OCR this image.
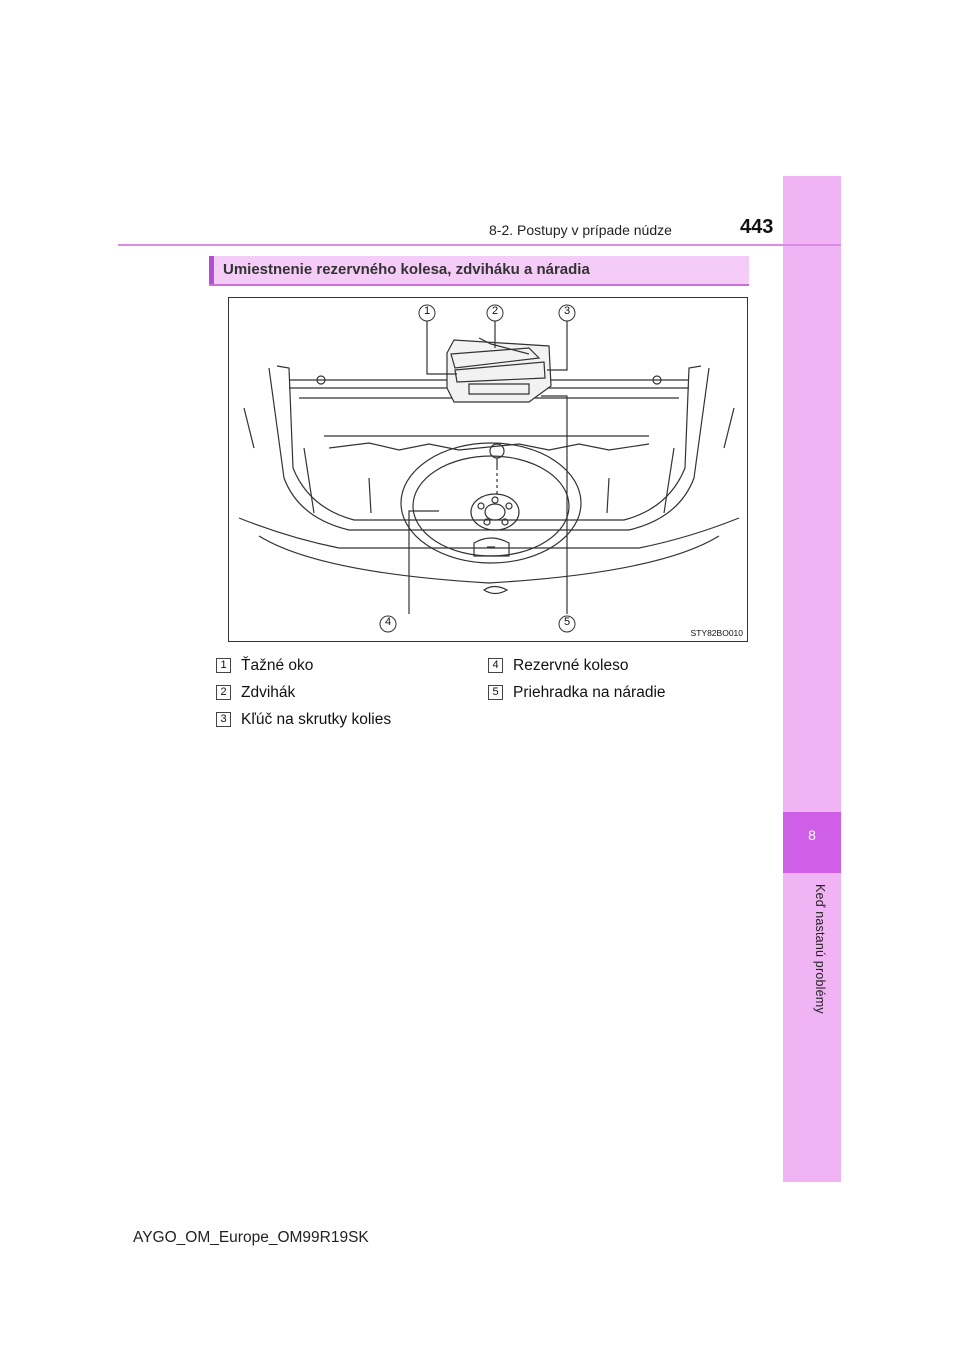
8
Keď nastanú problémy
8-2. Postupy v prípade núdze	443
Umiestnenie rezervného kolesa, zdviháku a náradia
1	2	3
4	5
STY82BO010
1 Ťažné oko
2 Zdvihák
3 Kľúč na skrutky kolies
4 Rezervné koleso
5 Priehradka na náradie
AYGO_OM_Europe_OM99R19SK
